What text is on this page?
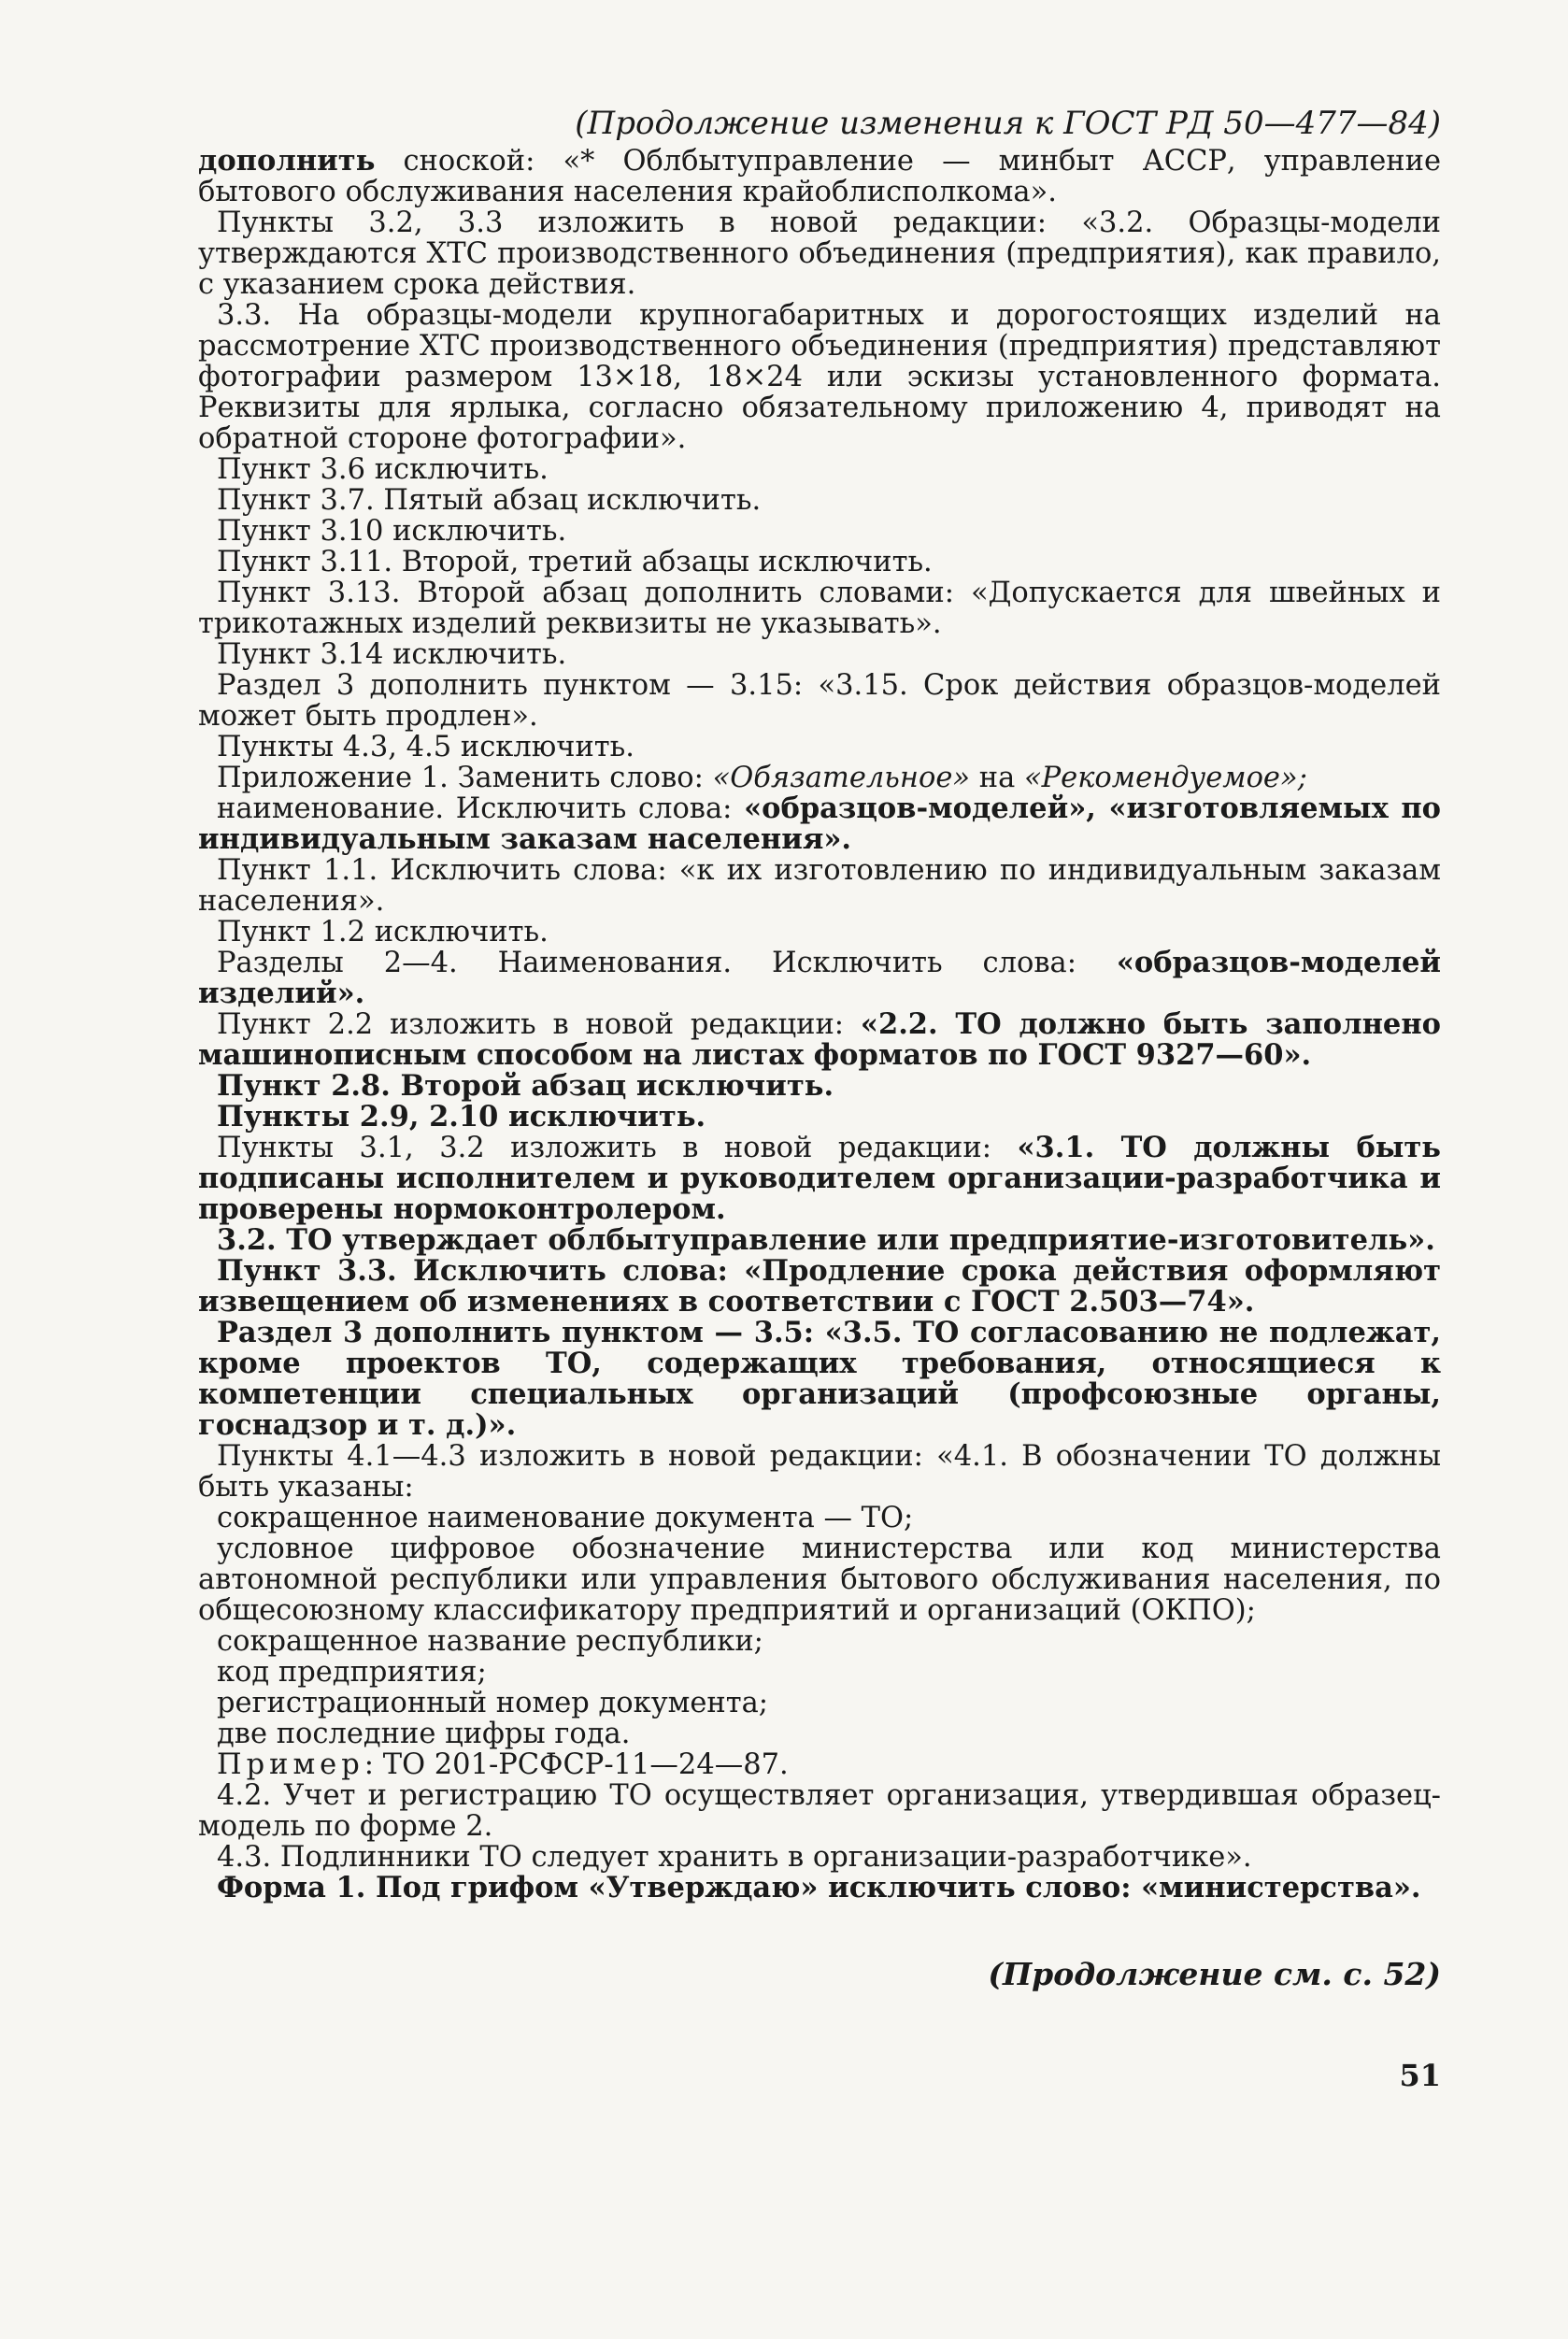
(Продолжение изменения к ГОСТ РД 50—477—84)

дополнить сноской: «* Облбытуправление — минбыт АССР, управление бытового обслуживания населения крайоблисполкома».

Пункты 3.2, 3.3 изложить в новой редакции: «3.2. Образцы-модели утверждаются ХТС производственного объединения (предприятия), как правило, с указанием срока действия.

3.3. На образцы-модели крупногабаритных и дорогостоящих изделий на рассмотрение ХТС производственного объединения (предприятия) представляют фотографии размером 13×18, 18×24 или эскизы установленного формата. Реквизиты для ярлыка, согласно обязательному приложению 4, приводят на обратной стороне фотографии».

Пункт 3.6 исключить.

Пункт 3.7. Пятый абзац исключить.

Пункт 3.10 исключить.

Пункт 3.11. Второй, третий абзацы исключить.

Пункт 3.13. Второй абзац дополнить словами: «Допускается для швейных и трикотажных изделий реквизиты не указывать».

Пункт 3.14 исключить.

Раздел 3 дополнить пунктом — 3.15: «3.15. Срок действия образцов-моделей может быть продлен».

Пункты 4.3, 4.5 исключить.

Приложение 1. Заменить слово: «Обязательное» на «Рекомендуемое»;

наименование. Исключить слова: «образцов-моделей», «изготовляемых по индивидуальным заказам населения».

Пункт 1.1. Исключить слова: «к их изготовлению по индивидуальным заказам населения».

Пункт 1.2 исключить.

Разделы 2—4. Наименования. Исключить слова: «образцов-моделей изделий».

Пункт 2.2 изложить в новой редакции: «2.2. ТО должно быть заполнено машинописным способом на листах форматов по ГОСТ 9327—60».

Пункт 2.8. Второй абзац исключить.

Пункты 2.9, 2.10 исключить.

Пункты 3.1, 3.2 изложить в новой редакции: «3.1. ТО должны быть подписаны исполнителем и руководителем организации-разработчика и проверены нормоконтролером.

3.2. ТО утверждает облбытуправление или предприятие-изготовитель».

Пункт 3.3. Исключить слова: «Продление срока действия оформляют извещением об изменениях в соответствии с ГОСТ 2.503—74».

Раздел 3 дополнить пунктом — 3.5: «3.5. ТО согласованию не подлежат, кроме проектов ТО, содержащих требования, относящиеся к компетенции специальных организаций (профсоюзные органы, госнадзор и т. д.)».

Пункты 4.1—4.3 изложить в новой редакции: «4.1. В обозначении ТО должны быть указаны:

сокращенное наименование документа — ТО;

условное цифровое обозначение министерства или код министерства автономной республики или управления бытового обслуживания населения, по общесоюзному классификатору предприятий и организаций (ОКПО);

сокращенное название республики;

код предприятия;

регистрационный номер документа;

две последние цифры года.

Пример: ТО 201-РСФСР-11—24—87.

4.2. Учет и регистрацию ТО осуществляет организация, утвердившая образец-модель по форме 2.

4.3. Подлинники ТО следует хранить в организации-разработчике».

Форма 1. Под грифом «Утверждаю» исключить слово: «министерства».

(Продолжение см. с. 52)
51
